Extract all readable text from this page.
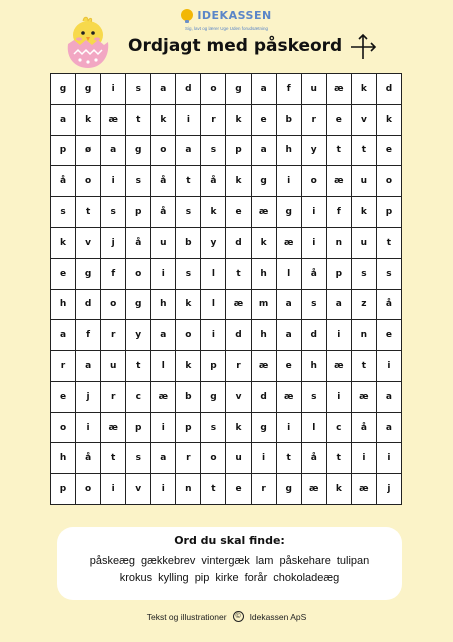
IDEKASSEN
Sig, lavt og lærer Uge Uden forudsætning
Ordjagt med påskeord
g	g	i	s	a	d	o	g	a	f	u	æ	k	d
a	k	æ	t	k	i	r	k	e	b	r	e	v	k
p	ø	a	g	o	a	s	p	a	h	y	t	t	e
å	o	i	s	å	t	å	k	g	i	o	æ	u	o
s	t	s	p	å	s	k	e	æ	g	i	f	k	p
k	v	j	å	u	b	y	d	k	æ	i	n	u	t
e	g	f	o	i	s	l	t	h	l	å	p	s	s
h	d	o	g	h	k	l	æ	m	a	s	a	z	å
a	f	r	y	a	o	i	d	h	a	d	i	n	e
r	a	u	t	l	k	p	r	æ	e	h	æ	t	i
e	j	r	c	æ	b	g	v	d	æ	s	i	æ	a
o	i	æ	p	i	p	s	k	g	i	l	c	å	a
h	å	t	s	a	r	o	u	i	t	å	t	i	i
p	o	i	v	i	n	t	e	r	g	æ	k	æ	j
Ord du skal finde:
påskeæg gækkebrev vintergæk lam påskehare tulipan
krokus kylling pip kirke forår chokoladeæg
Tekst og illustrationer	©	Idekassen ApS
